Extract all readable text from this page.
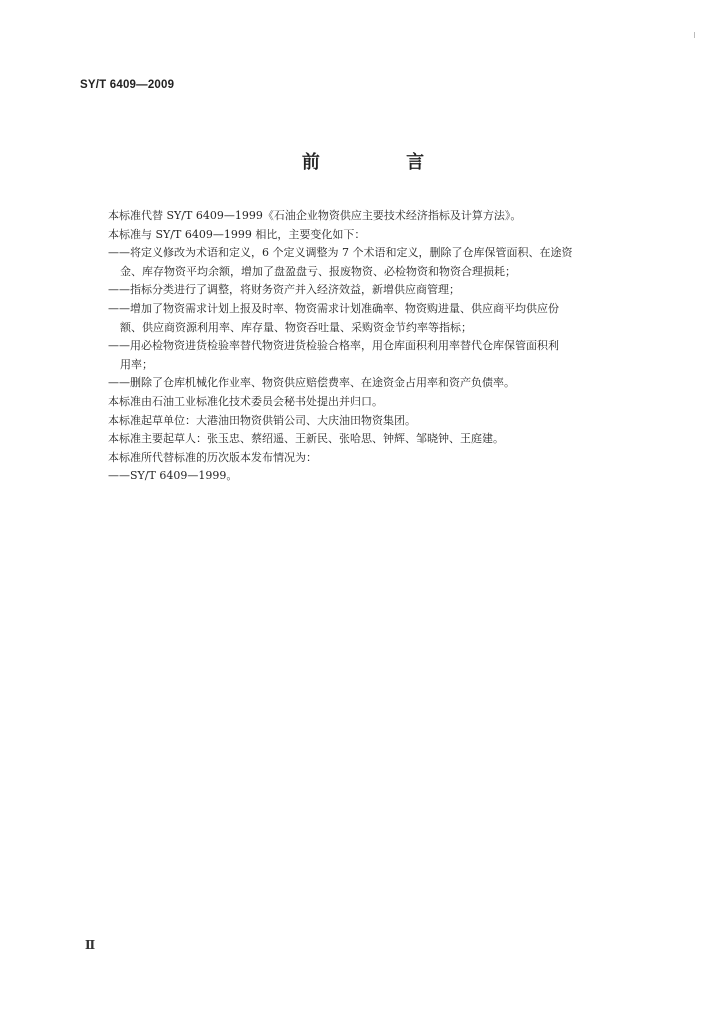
SY/T 6409—2009
前 言
本标准代替 SY/T 6409—1999《石油企业物资供应主要技术经济指标及计算方法》。
本标准与 SY/T 6409—1999 相比，主要变化如下：
——将定义修改为术语和定义，6 个定义调整为 7 个术语和定义，删除了仓库保管面积、在途资
金、库存物资平均余额，增加了盘盈盘亏、报废物资、必检物资和物资合理损耗；
——指标分类进行了调整，将财务资产并入经济效益，新增供应商管理；
——增加了物资需求计划上报及时率、物资需求计划准确率、物资购进量、供应商平均供应份
额、供应商资源利用率、库存量、物资吞吐量、采购资金节约率等指标；
——用必检物资进货检验率替代物资进货检验合格率，用仓库面积利用率替代仓库保管面积利
用率；
——删除了仓库机械化作业率、物资供应赔偿费率、在途资金占用率和资产负债率。
本标准由石油工业标准化技术委员会秘书处提出并归口。
本标准起草单位：大港油田物资供销公司、大庆油田物资集团。
本标准主要起草人：张玉忠、蔡绍遥、王新民、张哈思、钟辉、邹晓钟、王庭建。
本标准所代替标准的历次版本发布情况为：
——SY/T 6409—1999。
Ⅱ
